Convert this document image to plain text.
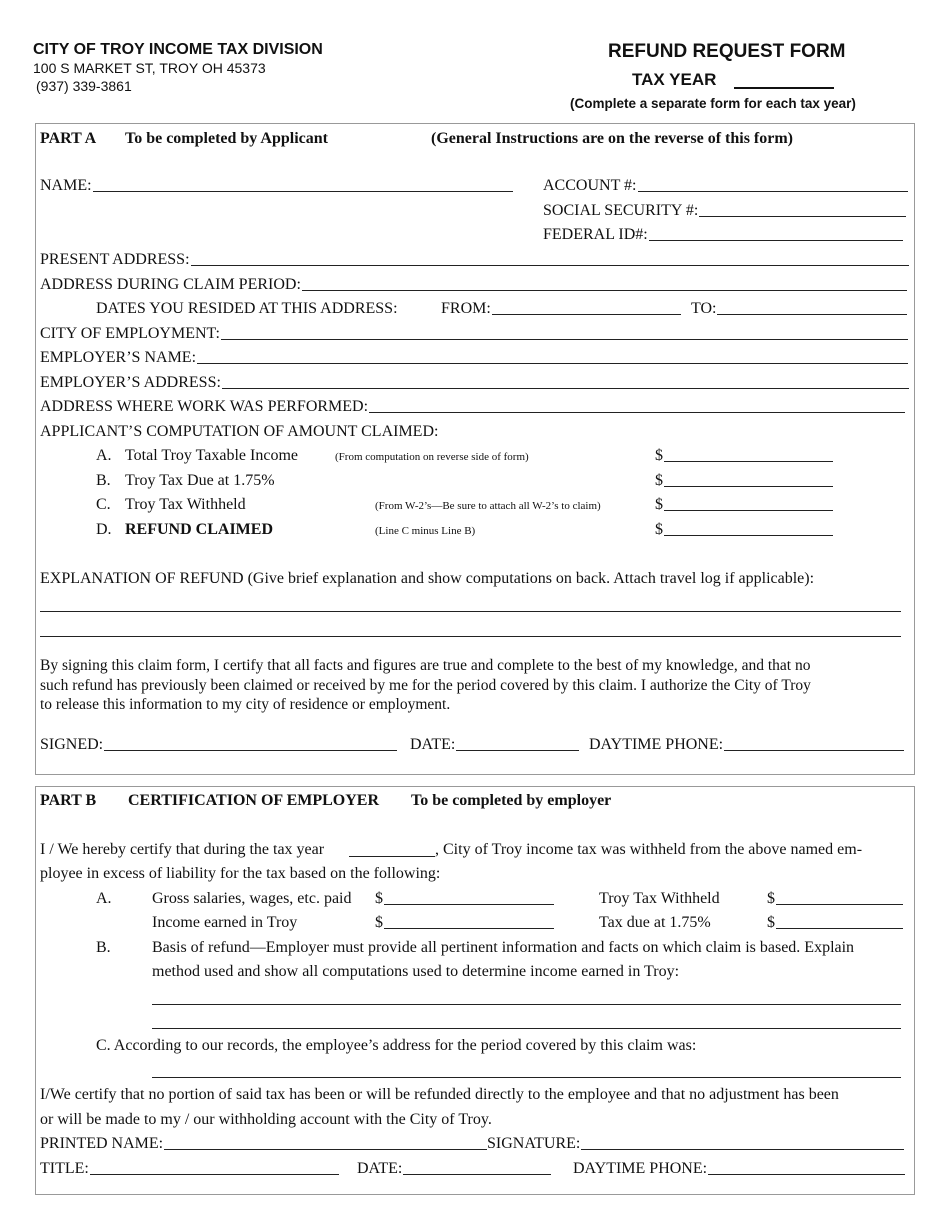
CITY OF TROY INCOME TAX DIVISION
100 S MARKET ST, TROY OH 45373
(937) 339-3861
REFUND REQUEST FORM
TAX YEAR
(Complete a separate form for each tax year)
PART A To be completed by Applicant	(General Instructions are on the reverse of this form)
NAME:	ACCOUNT #:
SOCIAL SECURITY #:
FEDERAL ID#:
PRESENT ADDRESS:
ADDRESS DURING CLAIM PERIOD:
DATES YOU RESIDED AT THIS ADDRESS:	FROM:	TO:
CITY OF EMPLOYMENT:
EMPLOYER’S NAME:
EMPLOYER’S ADDRESS:
ADDRESS WHERE WORK WAS PERFORMED:
APPLICANT’S COMPUTATION OF AMOUNT CLAIMED:
A. Total Troy Taxable Income	(From computation on reverse side of form)	$
B. Troy Tax Due at 1.75%	$
C. Troy Tax Withheld	(From W-2’s—Be sure to attach all W-2’s to claim)	$
D. REFUND CLAIMED	(Line C minus Line B)	$
EXPLANATION OF REFUND (Give brief explanation and show computations on back. Attach travel log if applicable):
By signing this claim form, I certify that all facts and figures are true and complete to the best of my knowledge, and that no
such refund has previously been claimed or received by me for the period covered by this claim. I authorize the City of Troy
to release this information to my city of residence or employment.
SIGNED:	DATE:	DAYTIME PHONE:
PART B CERTIFICATION OF EMPLOYER To be completed by employer
I / We hereby certify that during the tax year	, City of Troy income tax was withheld from the above named em-
ployee in excess of liability for the tax based on the following:
A.	Gross salaries, wages, etc. paid $	Troy Tax Withheld	$
Income earned in Troy	$	Tax due at 1.75%	$
B.	Basis of refund—Employer must provide all pertinent information and facts on which claim is based. Explain
method used and show all computations used to determine income earned in Troy:
C. According to our records, the employee’s address for the period covered by this claim was:
I/We certify that no portion of said tax has been or will be refunded directly to the employee and that no adjustment has been
or will be made to my / our withholding account with the City of Troy.
PRINTED NAME:	SIGNATURE:
TITLE:	DATE:	DAYTIME PHONE:
